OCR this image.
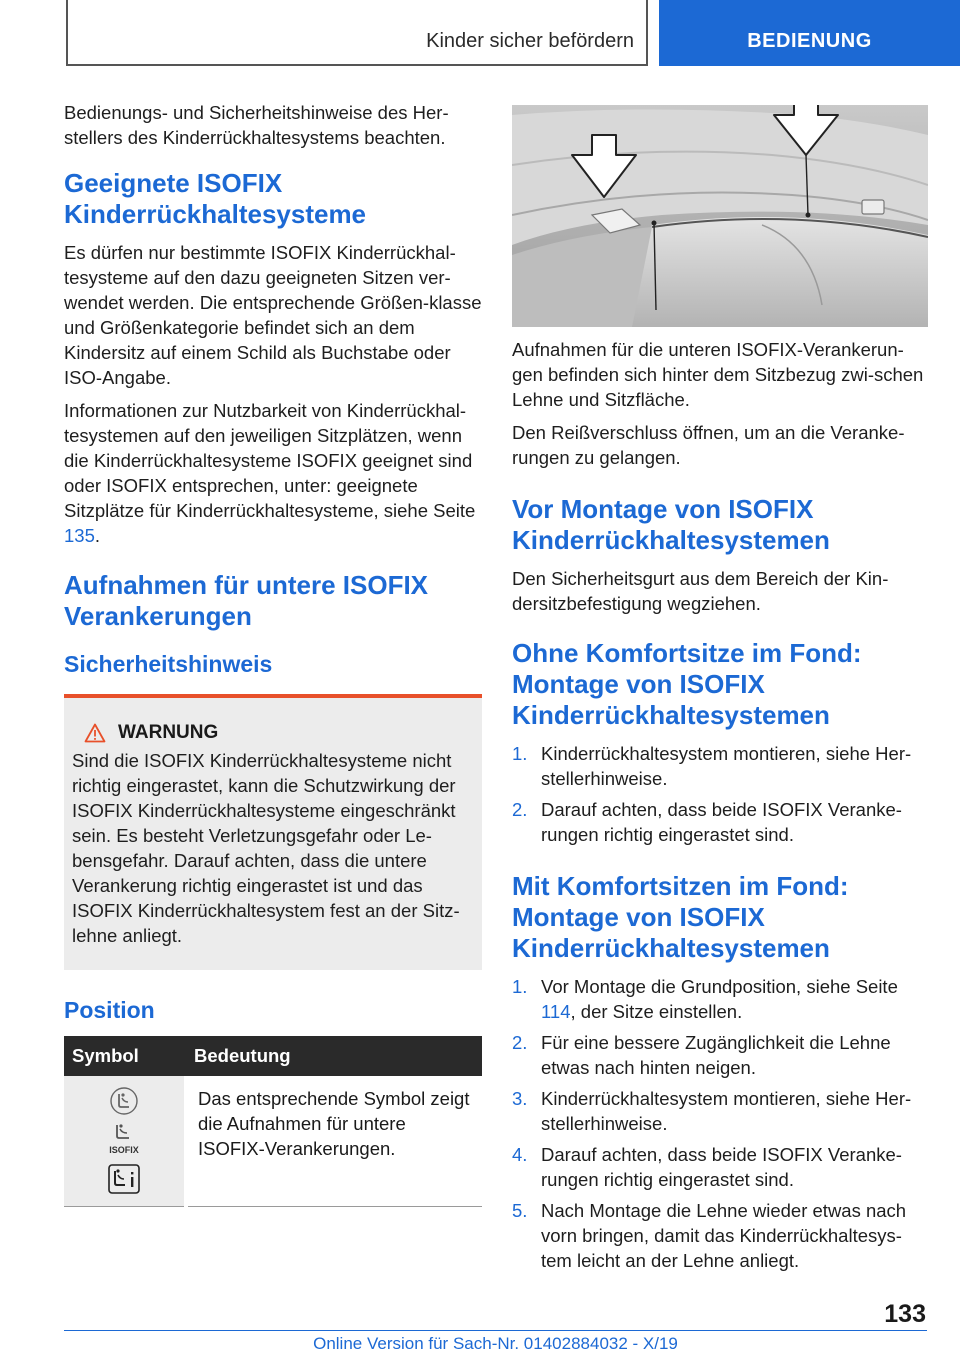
Kinder sicher befördern	BEDIENUNG

Bedienungs- und Sicherheitshinweise des Her-stellers des Kinderrückhaltesystems beachten.

Geeignete ISOFIX Kinderrückhaltesysteme

Es dürfen nur bestimmte ISOFIX Kinderrückhal-tesysteme auf den dazu geeigneten Sitzen ver-wendet werden. Die entsprechende Größen-klasse und Größenkategorie befindet sich an dem Kindersitz auf einem Schild als Buchstabe oder ISO-Angabe.

Informationen zur Nutzbarkeit von Kinderrückhal-tesystemen auf den jeweiligen Sitzplätzen, wenn die Kinderrückhaltesysteme ISOFIX geeignet sind oder ISOFIX entsprechen, unter: geeignete Sitzplätze für Kinderrückhaltesysteme, siehe Seite 135.

Aufnahmen für untere ISOFIX Verankerungen
Sicherheitshinweis
WARNUNG
Sind die ISOFIX Kinderrückhaltesysteme nicht richtig eingerastet, kann die Schutzwirkung der ISOFIX Kinderrückhaltesysteme eingeschränkt sein. Es besteht Verletzungsgefahr oder Le-bensgefahr. Darauf achten, dass die untere Verankerung richtig eingerastet ist und das ISOFIX Kinderrückhaltesystem fest an der Sitz-lehne anliegt.
Position
Symbol	Bedeutung

ISOFIX	Das entsprechende Symbol zeigt die Aufnahmen für untere ISOFIX-Verankerungen.

Aufnahmen für die unteren ISOFIX-Verankerun-gen befinden sich hinter dem Sitzbezug zwi-schen Lehne und Sitzfläche.

Den Reißverschluss öffnen, um an die Veranke-rungen zu gelangen.

Vor Montage von ISOFIX Kinderrückhaltesystemen

Den Sicherheitsgurt aus dem Bereich der Kin-dersitzbefestigung wegziehen.

Ohne Komfortsitze im Fond: Montage von ISOFIX Kinderrückhaltesystemen
1. Kinderrückhaltesystem montieren, siehe Her-stellerhinweise.
2. Darauf achten, dass beide ISOFIX Veranke-rungen richtig eingerastet sind.
Mit Komfortsitzen im Fond: Montage von ISOFIX Kinderrückhaltesystemen
1. Vor Montage die Grundposition, siehe Seite 114, der Sitze einstellen.
2. Für eine bessere Zugänglichkeit die Lehne etwas nach hinten neigen.
3. Kinderrückhaltesystem montieren, siehe Her-stellerhinweise.
4. Darauf achten, dass beide ISOFIX Veranke-rungen richtig eingerastet sind.
5. Nach Montage die Lehne wieder etwas nach vorn bringen, damit das Kinderrückhaltesys-tem leicht an der Lehne anliegt.
133
Online Version für Sach-Nr. 01402884032 - X/19
